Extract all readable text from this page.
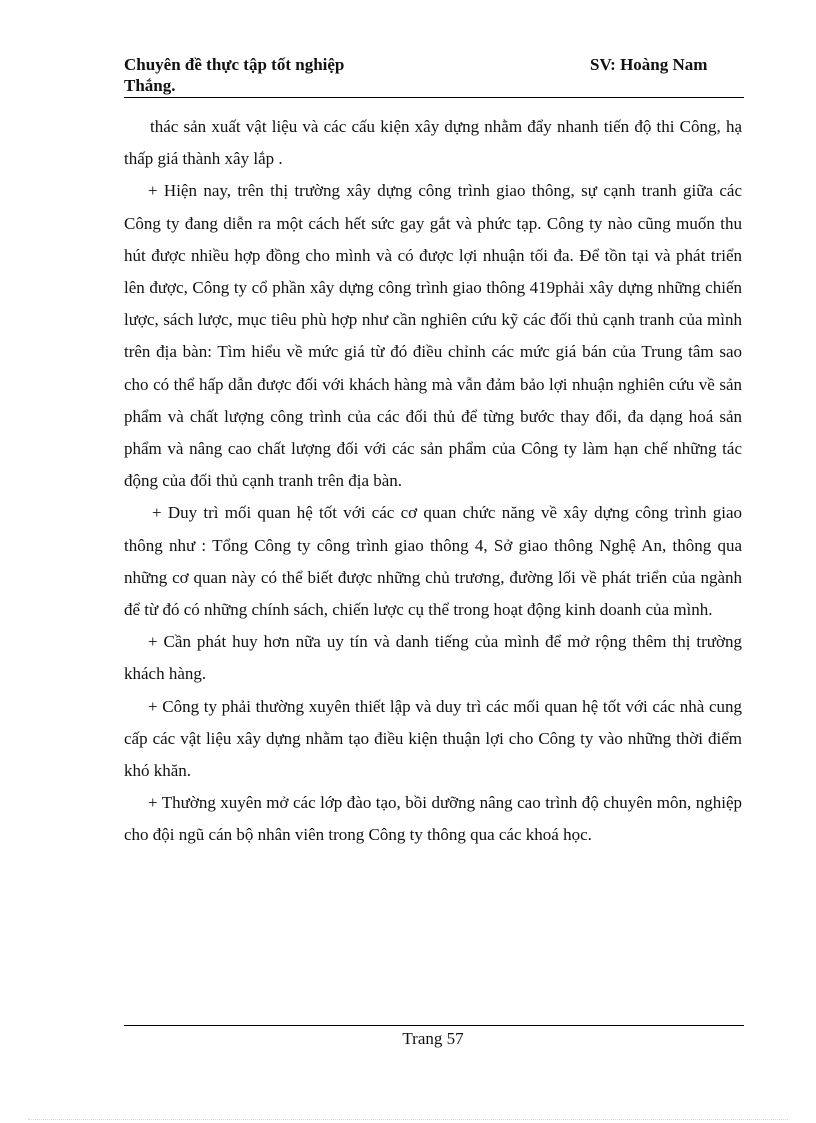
Chuyên đề thực tập tốt nghiệp
Thắng.
SV: Hoàng Nam

thác sản xuất vật liệu và các cấu kiện xây dựng nhằm đẩy nhanh tiến độ thi Công, hạ thấp giá thành xây lắp .

+ Hiện nay, trên thị trường xây dựng công trình giao thông, sự cạnh tranh giữa các Công ty đang diễn ra một cách hết sức gay gắt và phức tạp. Công ty nào cũng muốn thu hút được nhiều hợp đồng cho mình và có được lợi nhuận tối đa. Để tồn tại và phát triển lên được, Công ty cổ phần xây dựng công trình giao thông 419phải xây dựng những chiến lược, sách lược, mục tiêu phù hợp như cần nghiên cứu kỹ các đối thủ cạnh tranh của mình trên địa bàn: Tìm hiểu về mức giá từ đó điều chỉnh các mức giá bán của Trung tâm sao cho có thể hấp dẫn được đối với khách hàng mà vẫn đảm bảo lợi nhuận nghiên cứu về sản phẩm và chất lượng công trình của các đối thủ để từng bước thay đổi, đa dạng hoá sản phẩm và nâng cao chất lượng đối với các sản phẩm của Công ty làm hạn chế những tác động của đối thủ cạnh tranh trên địa bàn.

+ Duy trì mối quan hệ tốt với các cơ quan chức năng về xây dựng công trình giao thông như : Tổng Công ty công trình giao thông 4, Sở giao thông Nghệ An, thông qua những cơ quan này có thể biết được những chủ trương, đường lối về phát triển của ngành để từ đó có những chính sách, chiến lược cụ thể trong hoạt động kinh doanh của mình.

+ Cần phát huy hơn nữa uy tín và danh tiếng của mình để mở rộng thêm thị trường khách hàng.

+ Công ty phải thường xuyên thiết lập và duy trì các mối quan hệ tốt với các nhà cung cấp các vật liệu xây dựng nhằm tạo điều kiện thuận lợi cho Công ty vào những thời điểm khó khăn.

+ Thường xuyên mở các lớp đào tạo, bồi dưỡng nâng cao trình độ chuyên môn, nghiệp cho đội ngũ cán bộ nhân viên trong Công ty thông qua các khoá học.

Trang 57
